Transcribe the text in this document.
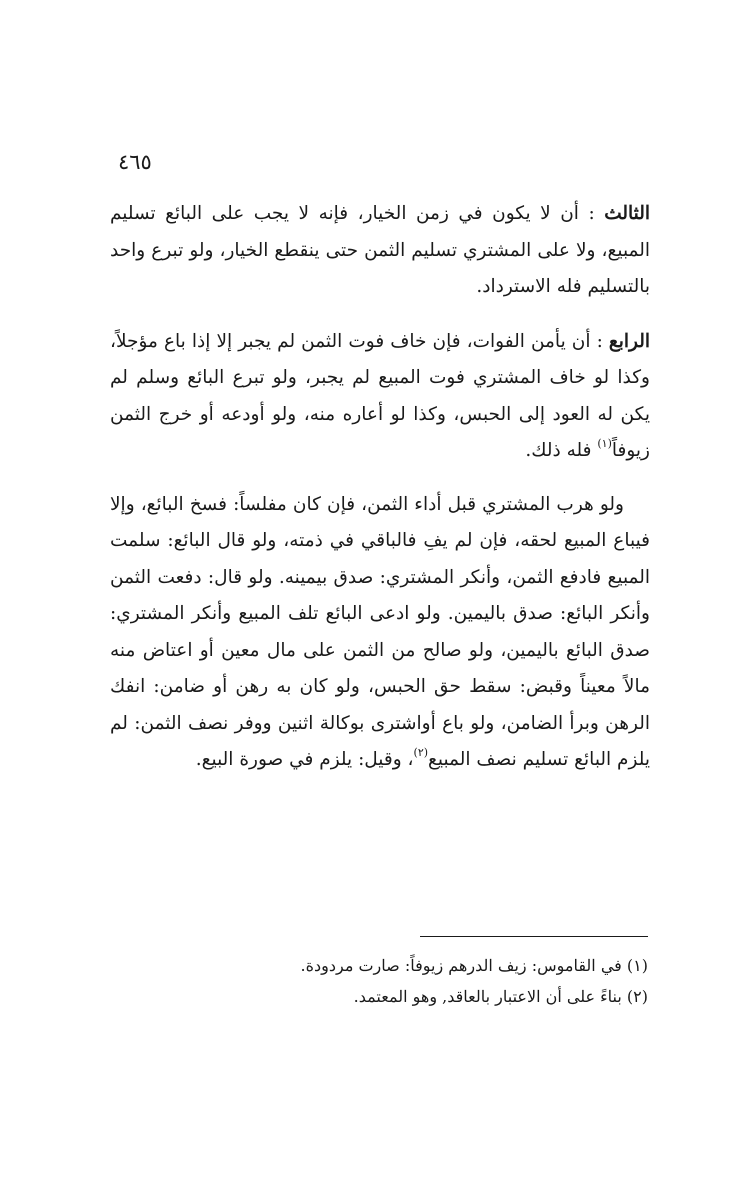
٤٦٥

الثالث : أن لا يكون في زمن الخيار، فإنه لا يجب على البائع تسليم المبيع، ولا على المشتري تسليم الثمن حتى ينقطع الخيار، ولو تبرع واحد بالتسليم فله الاسترداد.

الرابع : أن يأمن الفوات، فإن خاف فوت الثمن لم يجبر إلا إذا باع مؤجلاً، وكذا لو خاف المشتري فوت المبيع لم يجبر، ولو تبرع البائع وسلم لم يكن له العود إلى الحبس، وكذا لو أعاره منه، ولو أودعه أو خرج الثمن زيوفاً$^{(١)}$ فله ذلك.

ولو هرب المشتري قبل أداء الثمن، فإن كان مفلساً: فسخ البائع، وإلا فيباع المبيع لحقه، فإن لم يفِ فالباقي في ذمته، ولو قال البائع: سلمت المبيع فادفع الثمن، وأنكر المشتري: صدق بيمينه. ولو قال: دفعت الثمن وأنكر البائع: صدق باليمين. ولو ادعى البائع تلف المبيع وأنكر المشتري: صدق البائع باليمين، ولو صالح من الثمن على مال معين أو اعتاض منه مالاً معيناً وقبض: سقط حق الحبس، ولو كان به رهن أو ضامن: انفك الرهن وبرأ الضامن، ولو باع أواشترى بوكالة اثنين ووفر نصف الثمن: لم يلزم البائع تسليم نصف المبيع$^{(٢)}$، وقيل: يلزم في صورة البيع.

(١) في القاموس: زيف الدرهم زيوفاً: صارت مردودة.

(٢) بناءً على أن الاعتبار بالعاقد, وهو المعتمد.
